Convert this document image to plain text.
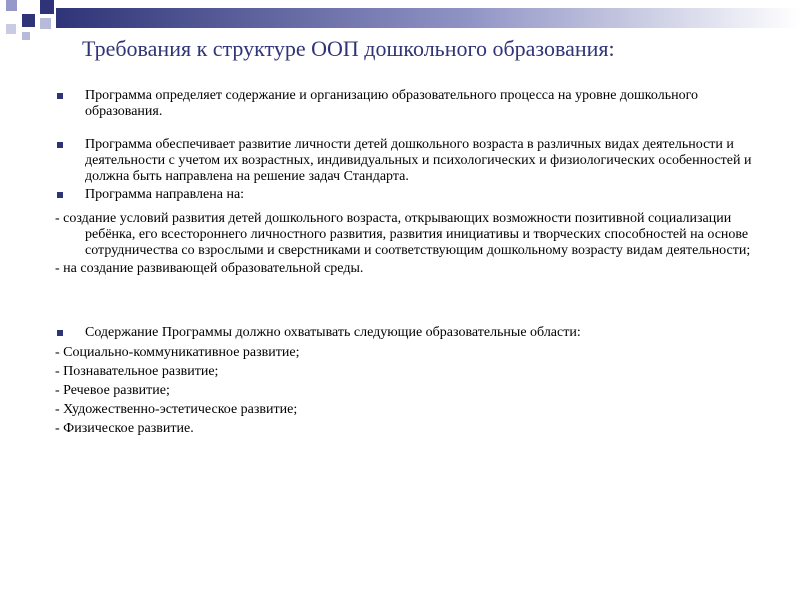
Требования к структуре ООП дошкольного образования:

Программа определяет содержание и организацию образовательного процесса на уровне дошкольного образования.

Программа обеспечивает развитие личности детей дошкольного возраста в различных видах деятельности и деятельности с учетом их возрастных, индивидуальных и психологических и физиологических особенностей и должна быть направлена на решение задач Стандарта.

Программа направлена на:

- создание условий развития детей дошкольного возраста, открывающих возможности позитивной социализации ребёнка, его всестороннего личностного развития, развития инициативы и творческих способностей на основе сотрудничества со взрослыми и сверстниками и соответствующим дошкольному возрасту видам деятельности;

- на создание развивающей образовательной среды.

Содержание Программы должно охватывать следующие образовательные области:

- Социально-коммуникативное развитие;

- Познавательное развитие;

- Речевое развитие;

- Художественно-эстетическое развитие;

- Физическое развитие.
